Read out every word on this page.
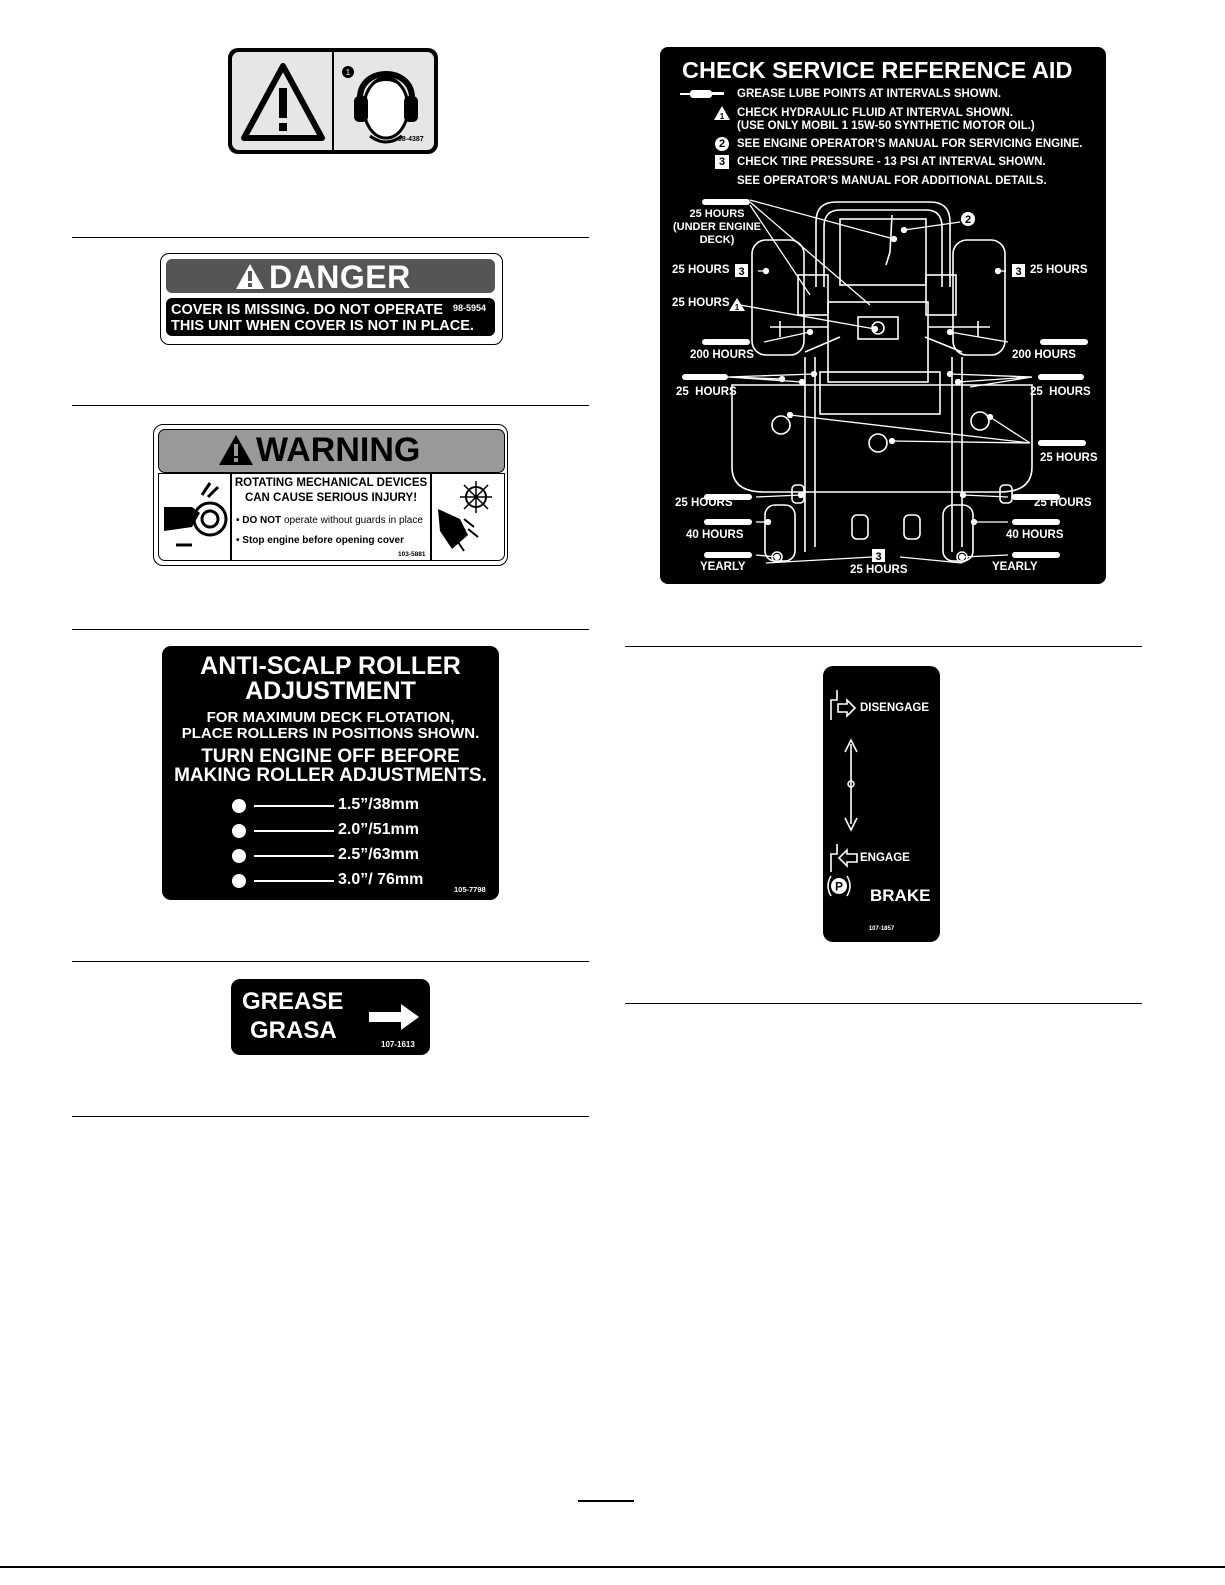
1
98-4387
DANGER
COVER IS MISSING. DO NOT OPERATE
THIS UNIT WHEN COVER IS NOT IN PLACE.
98-5954
WARNING
ROTATING MECHANICAL DEVICES
CAN CAUSE SERIOUS INJURY!
• DO NOT operate without guards in place
• Stop engine before opening cover
103-5881
ANTI-SCALP ROLLER
ADJUSTMENT
FOR MAXIMUM DECK FLOTATION,
PLACE ROLLERS IN POSITIONS SHOWN.
TURN ENGINE OFF BEFORE
MAKING ROLLER ADJUSTMENTS.
1.5”/38mm
2.0”/51mm
2.5”/63mm
3.0”/ 76mm
105-7798
GREASE
GRASA
107-1613
CHECK SERVICE REFERENCE AID
GREASE LUBE POINTS AT INTERVALS SHOWN.
1 CHECK HYDRAULIC FLUID AT INTERVAL SHOWN.
(USE ONLY MOBIL 1 15W-50 SYNTHETIC MOTOR OIL.)
2	SEE ENGINE OPERATOR’S MANUAL FOR SERVICING ENGINE.
3	CHECK TIRE PRESSURE - 13 PSI AT INTERVAL SHOWN.
SEE OPERATOR’S MANUAL FOR ADDITIONAL DETAILS.
2
3	3
1
3
25 HOURS
(UNDER ENGINE
DECK)
25 HOURS	25 HOURS
25 HOURS
200 HOURS	200 HOURS
25  HOURS	25  HOURS
25 HOURS
25 HOURS	25 HOURS
40 HOURS	40 HOURS
YEARLY	YEARLY
25 HOURS
P
DISENGAGE
ENGAGE
BRAKE
107-1857
